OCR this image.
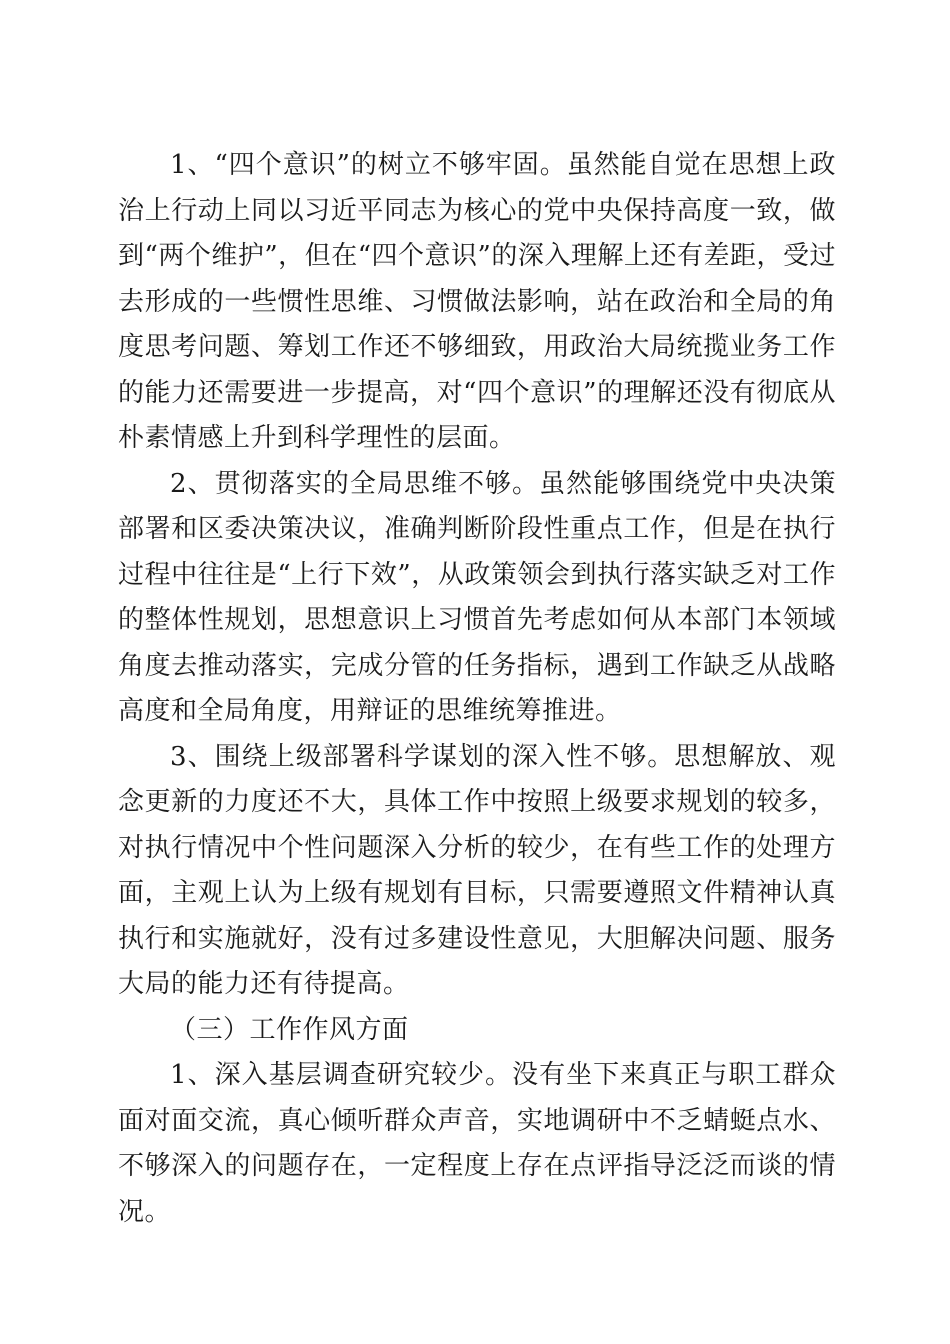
1、“四个意识”的树立不够牢固。虽然能自觉在思想上政治上行动上同以习近平同志为核心的党中央保持高度一致，做到“两个维护”，但在“四个意识”的深入理解上还有差距，受过去形成的一些惯性思维、习惯做法影响，站在政治和全局的角度思考问题、筹划工作还不够细致，用政治大局统揽业务工作的能力还需要进一步提高，对“四个意识”的理解还没有彻底从朴素情感上升到科学理性的层面。

2、贯彻落实的全局思维不够。虽然能够围绕党中央决策部署和区委决策决议，准确判断阶段性重点工作，但是在执行过程中往往是“上行下效”，从政策领会到执行落实缺乏对工作的整体性规划，思想意识上习惯首先考虑如何从本部门本领域角度去推动落实，完成分管的任务指标，遇到工作缺乏从战略高度和全局角度，用辩证的思维统筹推进。

3、围绕上级部署科学谋划的深入性不够。思想解放、观念更新的力度还不大，具体工作中按照上级要求规划的较多，对执行情况中个性问题深入分析的较少，在有些工作的处理方面，主观上认为上级有规划有目标，只需要遵照文件精神认真执行和实施就好，没有过多建设性意见，大胆解决问题、服务大局的能力还有待提高。

（三）工作作风方面

1、深入基层调查研究较少。没有坐下来真正与职工群众面对面交流，真心倾听群众声音，实地调研中不乏蜻蜓点水、不够深入的问题存在，一定程度上存在点评指导泛泛而谈的情况。
